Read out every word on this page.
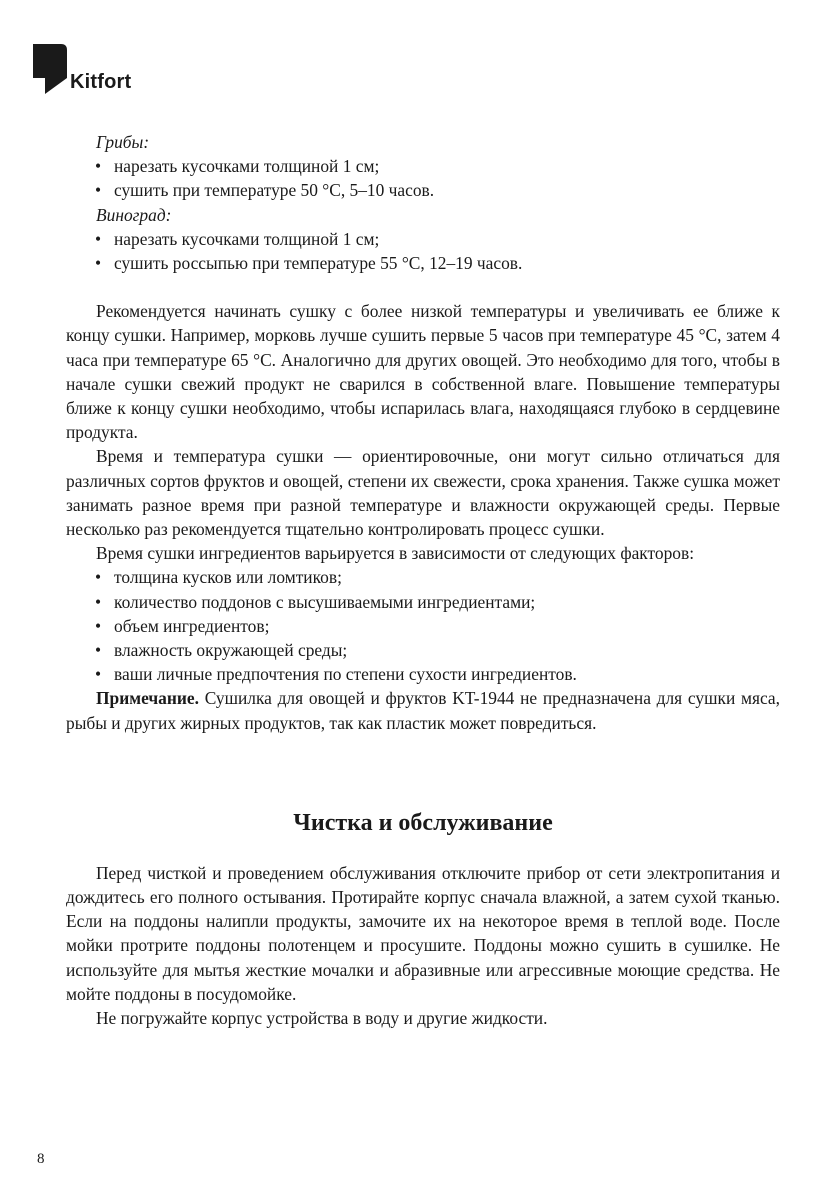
Kitfort

Грибы:

• нарезать кусочками толщиной 1 см;

• сушить при температуре 50 °С, 5–10 часов.

Виноград:

• нарезать кусочками толщиной 1 см;

• сушить россыпью при температуре 55 °С, 12–19 часов.

Рекомендуется начинать сушку с более низкой температуры и увеличивать ее ближе к концу сушки. Например, морковь лучше сушить первые 5 часов при температуре 45 °С, затем 4 часа при температуре 65 °С. Аналогично для других овощей. Это необходимо для того, чтобы в начале сушки свежий продукт не сварился в собственной влаге. Повышение температуры ближе к концу сушки необходимо, чтобы испарилась влага, находящаяся глубоко в сердцевине продукта.

Время и температура сушки — ориентировочные, они могут сильно отличаться для различных сортов фруктов и овощей, степени их свежести, срока хранения. Также сушка может занимать разное время при разной температуре и влажности окружающей среды. Первые несколько раз рекомендуется тщательно контролировать процесс сушки.

Время сушки ингредиентов варьируется в зависимости от следующих факторов:

• толщина кусков или ломтиков;

• количество поддонов с высушиваемыми ингредиентами;

• объем ингредиентов;

• влажность окружающей среды;

• ваши личные предпочтения по степени сухости ингредиентов.

Примечание. Сушилка для овощей и фруктов KT-1944 не предназначена для сушки мяса, рыбы и других жирных продуктов, так как пластик может повредиться.

Чистка и обслуживание

Перед чисткой и проведением обслуживания отключите прибор от сети электропитания и дождитесь его полного остывания. Протирайте корпус сначала влажной, а затем сухой тканью. Если на поддоны налипли продукты, замочите их на некоторое время в теплой воде. После мойки протрите поддоны полотенцем и просушите. Поддоны можно сушить в сушилке. Не используйте для мытья жесткие мочалки и абразивные или агрессивные моющие средства. Не мойте поддоны в посудомойке.

Не погружайте корпус устройства в воду и другие жидкости.

8
